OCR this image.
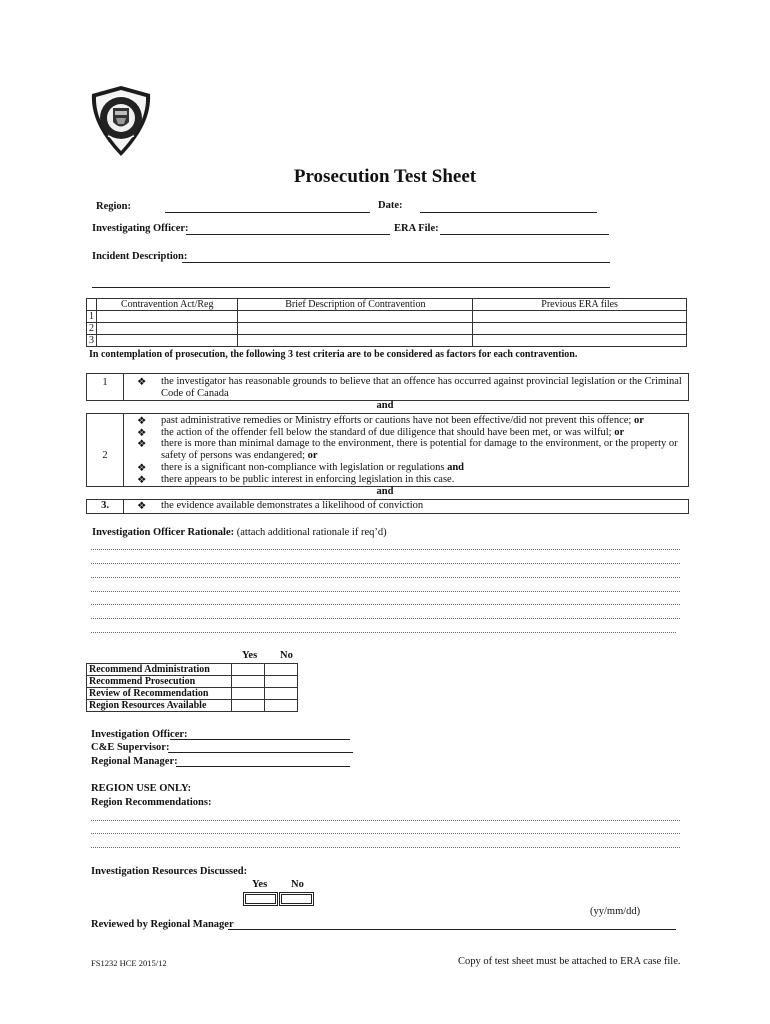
Prosecution Test Sheet
Region:	Date:
Investigating Officer:	ERA File:
Incident Description:
	Contravention Act/Reg	Brief Description of Contravention	Previous ERA files
1			
2			
3			
In contemplation of prosecution, the following 3 test criteria are to be considered as factors for each contravention.
1	❖ the investigator has reasonable grounds to believe that an offence has occurred against provincial legislation or the Criminal
Code of Canada
and
2
❖ past administrative remedies or Ministry efforts or cautions have not been effective/did not prevent this offence; or
❖ the action of the offender fell below the standard of due diligence that should have been met, or was wilful; or
❖ there is more than minimal damage to the environment, there is potential for damage to the environment, or the property or
safety of persons was endangered; or
❖ there is a significant non-compliance with legislation or regulations and
❖ there appears to be public interest in enforcing legislation in this case.
and
3.	❖ the evidence available demonstrates a likelihood of conviction
Investigation Officer Rationale: (attach additional rationale if req’d)
Yes No
Recommend Administration		
Recommend Prosecution		
Review of Recommendation		
Region Resources Available		
Investigation Officer:
C&E Supervisor:
Regional Manager:
REGION USE ONLY:
Region Recommendations:
Investigation Resources Discussed:
Yes No
(yy/mm/dd)
Reviewed by Regional Manager
FS1232 HCE 2015/12	Copy of test sheet must be attached to ERA case file.
